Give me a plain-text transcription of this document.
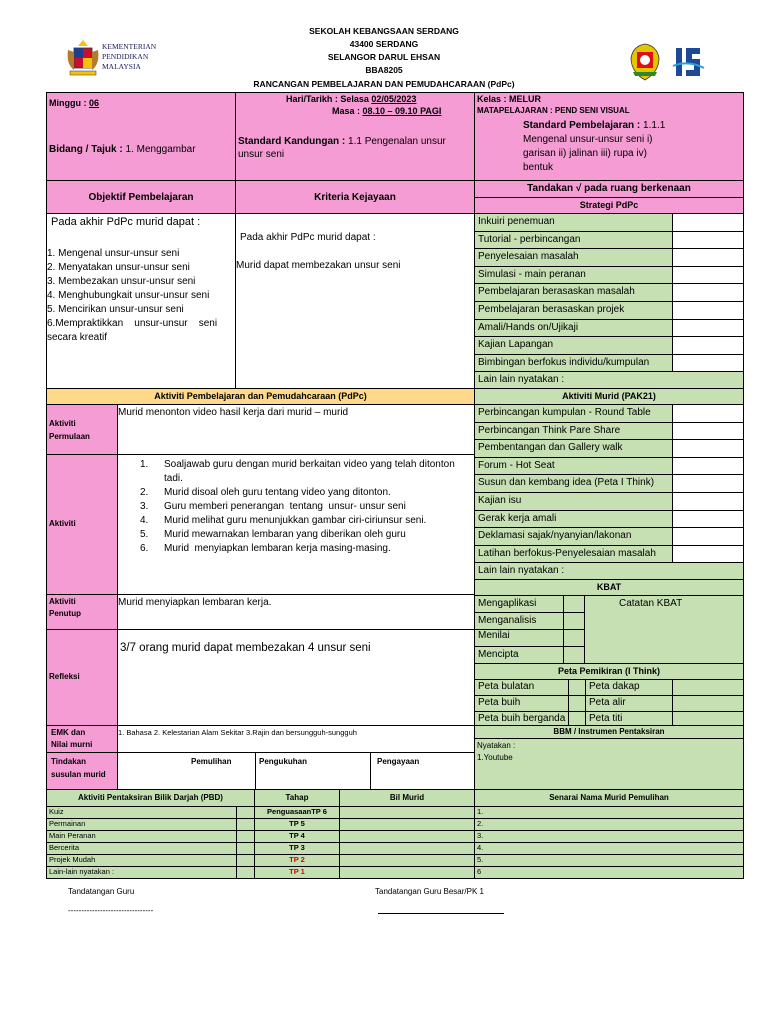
SEKOLAH KEBANGSAAN SERDANG
43400 SERDANG
SELANGOR DARUL EHSAN
BBA8205
RANCANGAN PEMBELAJARAN DAN PEMUDAHCARAAN (PdPc)
KEMENTERIAN PENDIDIKAN MALAYSIA
Minggu : 06
Bidang / Tajuk : 1. Menggambar
Hari/Tarikh : Selasa 02/05/2023
Masa : 08.10 – 09.10 PAGI
Standard Kandungan : 1.1 Pengenalan unsur
unsur seni
Kelas : MELUR
MATAPELAJARAN : PEND SENI VISUAL
Standard Pembelajaran : 1.1.1
Mengenal unsur-unsur seni i)
garisan ii) jalinan iii) rupa iv)
bentuk
Objektif Pembelajaran	Kriteria Kejayaan
Tandakan √ pada ruang berkenaan
Strategi PdPc
Pada akhir PdPc murid dapat :
1. Mengenal unsur-unsur seni
2. Menyatakan unsur-unsur seni
3. Membezakan unsur-unsur seni
4. Menghubungkait unsur-unsur seni
5. Mencirikan unsur-unsur seni
6.Mempraktikkan    unsur-unsur    seni
secara kreatif
Pada akhir PdPc murid dapat :
Murid dapat membezakan unsur seni
Inkuiri penemuan
Tutorial - perbincangan
Penyelesaian masalah
Simulasi - main peranan
Pembelajaran berasaskan masalah
Pembelajaran berasaskan projek
Amali/Hands on/Ujikaji
Kajian Lapangan
Bimbingan berfokus individu/kumpulan
Lain lain nyatakan :
Aktiviti Pembelajaran dan Pemudahcaraan (PdPc)	Aktiviti Murid (PAK21)
Aktiviti
Permulaan
Murid menonton video hasil kerja dari murid – murid
Aktiviti
1. Soaljawab guru dengan murid berkaitan video yang telah ditonton
tadi.
2. Murid disoal oleh guru tentang video yang ditonton.
3. Guru memberi penerangan  tentang  unsur- unsur seni
4. Murid melihat guru menunjukkan gambar ciri-ciriunsur seni.
5. Murid mewarnakan lembaran yang diberikan oleh guru
6. Murid  menyiapkan lembaran kerja masing-masing.
Aktiviti
Penutup
Murid menyiapkan lembaran kerja.
Refleksi
3/7 orang murid dapat membezakan 4 unsur seni
Perbincangan kumpulan - Round Table
Perbincangan Think Pare Share
Pembentangan dan Gallery walk
Forum - Hot Seat
Susun dan kembang idea (Peta I Think)
Kajian isu
Gerak kerja amali
Deklamasi sajak/nyanyian/lakonan
Latihan berfokus-Penyelesaian masalah
Lain lain nyatakan :
KBAT
Mengaplikasi
Menganalisis
Menilai
Mencipta
Catatan KBAT
Peta Pemikiran (I Think)
Peta bulatan	Peta dakap
Peta buih	Peta alir
Peta buih berganda Peta titi
EMK dan
Nilai murni
1. Bahasa 2. Kelestarian Alam Sekitar 3.Rajin dan bersungguh-sungguh	BBM / Instrumen Pentaksiran
Nyatakan :
1.Youtube
Tindakan
susulan murid
Pemulihan	Pengukuhan	Pengayaan
Aktiviti Pentaksiran Bilik Darjah (PBD)	Tahap	Bil Murid	Senarai Nama Murid Pemulihan
Kuiz	PenguasaanTP 6	1.
Permainan	TP 5	2.
Main Peranan	TP 4	3.
Bercerita	TP 3	4.
Projek Mudah	TP 2	5.
Lain-lain nyatakan :	TP 1	6
Tandatangan Guru
--------------------------------
Tandatangan Guru Besar/PK 1
